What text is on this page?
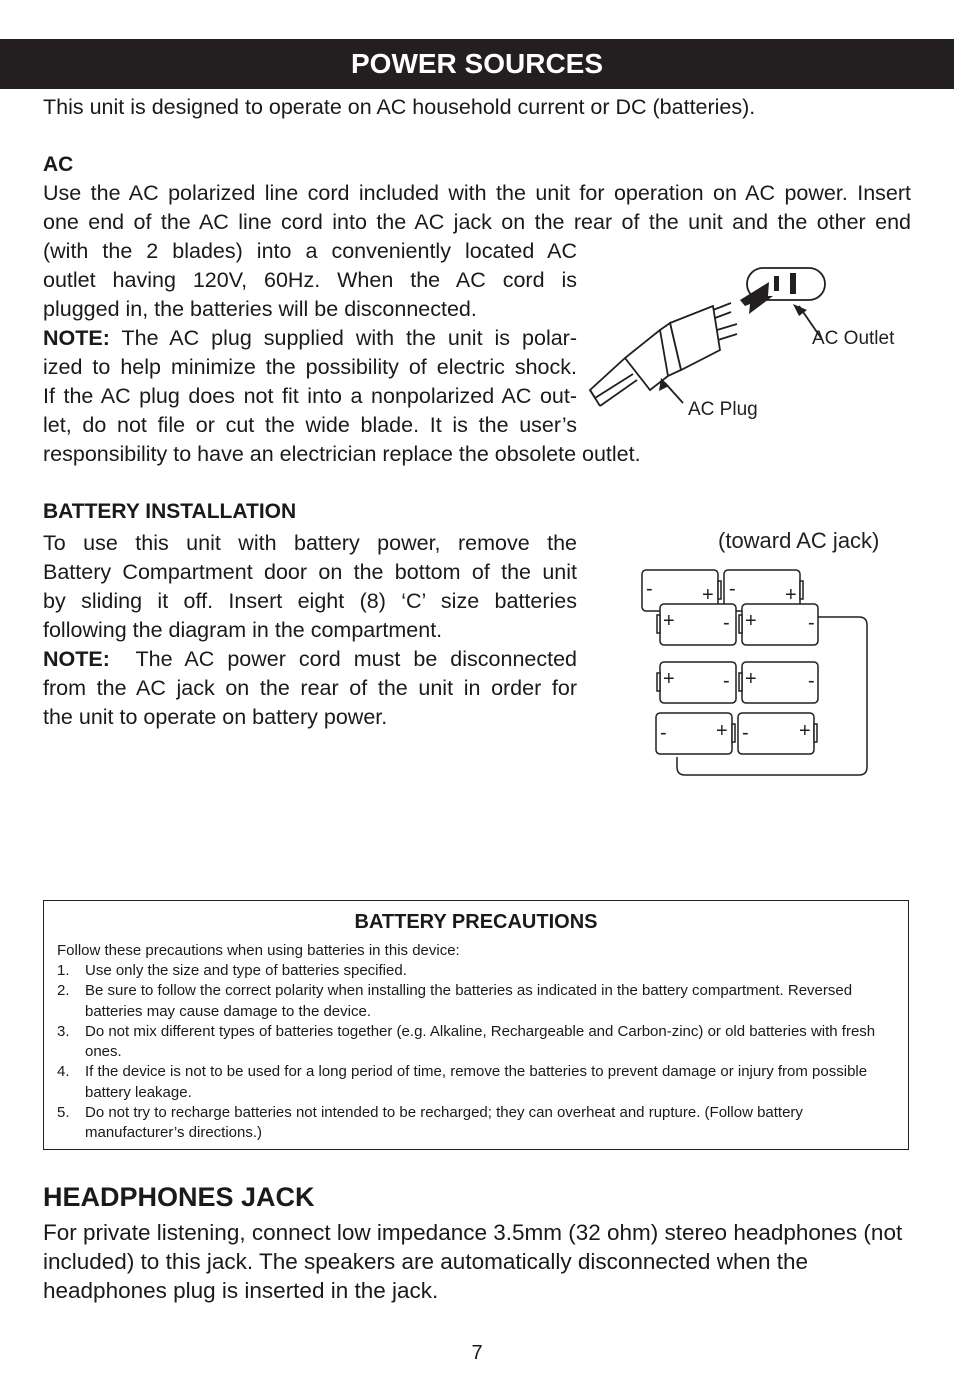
POWER SOURCES
This unit is designed to operate on AC household current or DC (batteries).
AC
Use the AC polarized line cord included with the unit for operation on AC power. Insert
one end of the AC line cord into the AC jack on the rear of the unit and the other end
(with the 2 blades) into a conveniently located AC
outlet having 120V, 60Hz. When the AC cord is
plugged in, the batteries will be disconnected.
NOTE: The AC plug supplied with the unit is polar-
ized to help minimize the possibility of electric shock.
If the AC plug does not fit into a nonpolarized AC out-
let, do not file or cut the wide blade. It is the user’s
responsibility to have an electrician replace the obsolete outlet.
AC Outlet
AC Plug
BATTERY INSTALLATION
To use this unit with battery power, remove the
Battery Compartment door on the bottom of the unit
by sliding it off. Insert eight (8) ‘C’ size batteries
following the diagram in the compartment.
NOTE:  The AC power cord must be disconnected
from the AC jack on the rear of the unit in order for
the unit to operate on battery power.
(toward AC jack)
- + - +
+ - +	-
+ - +	-
- + -	+
BATTERY PRECAUTIONS
Follow these precautions when using batteries in this device:
1. Use only the size and type of batteries specified.
2. Be sure to follow the correct polarity when installing the batteries as indicated in the battery compartment. Reversed batteries may cause damage to the device.
3. Do not mix different types of batteries together (e.g. Alkaline, Rechargeable and Carbon-zinc) or old batteries with fresh ones.
4. If the device is not to be used for a long period of time, remove the batteries to prevent damage or injury from possible battery leakage.
5. Do not try to recharge batteries not intended to be recharged; they can overheat and rupture. (Follow battery manufacturer’s directions.)
HEADPHONES JACK
For private listening, connect low impedance 3.5mm (32 ohm) stereo headphones (not included) to this jack. The speakers are automatically disconnected when the headphones plug is inserted in the jack.
7
